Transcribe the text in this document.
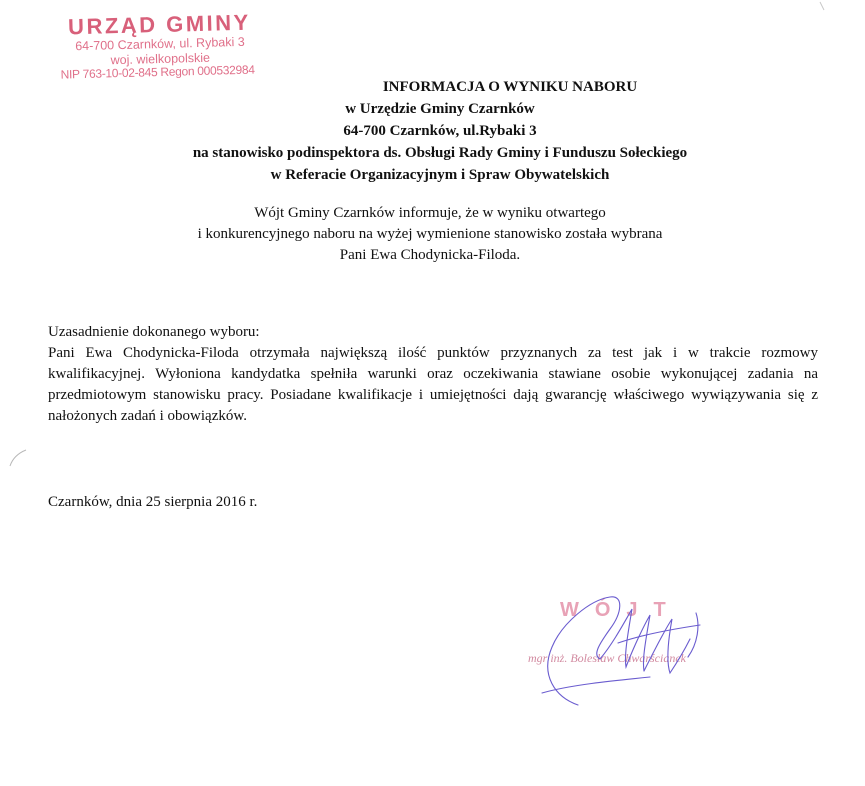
URZĄD GMINY
64-700 Czarnków, ul. Rybaki 3
woj. wielkopolskie
NIP 763-10-02-845 Regon 000532984
INFORMACJA O WYNIKU NABORU
w Urzędzie Gminy Czarnków
64-700 Czarnków, ul.Rybaki 3
na stanowisko podinspektora ds. Obsługi Rady Gminy i Funduszu Sołeckiego
w Referacie Organizacyjnym i Spraw Obywatelskich
Wójt Gminy Czarnków informuje, że w wyniku otwartego
i konkurencyjnego naboru na wyżej wymienione stanowisko została wybrana
Pani Ewa Chodynicka-Filoda.
Uzasadnienie dokonanego wyboru:
Pani Ewa Chodynicka-Filoda otrzymała największą ilość punktów przyznanych za test jak i w trakcie rozmowy kwalifikacyjnej. Wyłoniona kandydatka spełniła warunki oraz oczekiwania stawiane osobie wykonującej zadania na przedmiotowym stanowisku pracy. Posiadane kwalifikacje i umiejętności dają gwarancję właściwego wywiązywania się z nałożonych zadań i obowiązków.
Czarnków, dnia 25 sierpnia 2016 r.
WÓJT
mgr inż. Bolesław Chwarścianek
